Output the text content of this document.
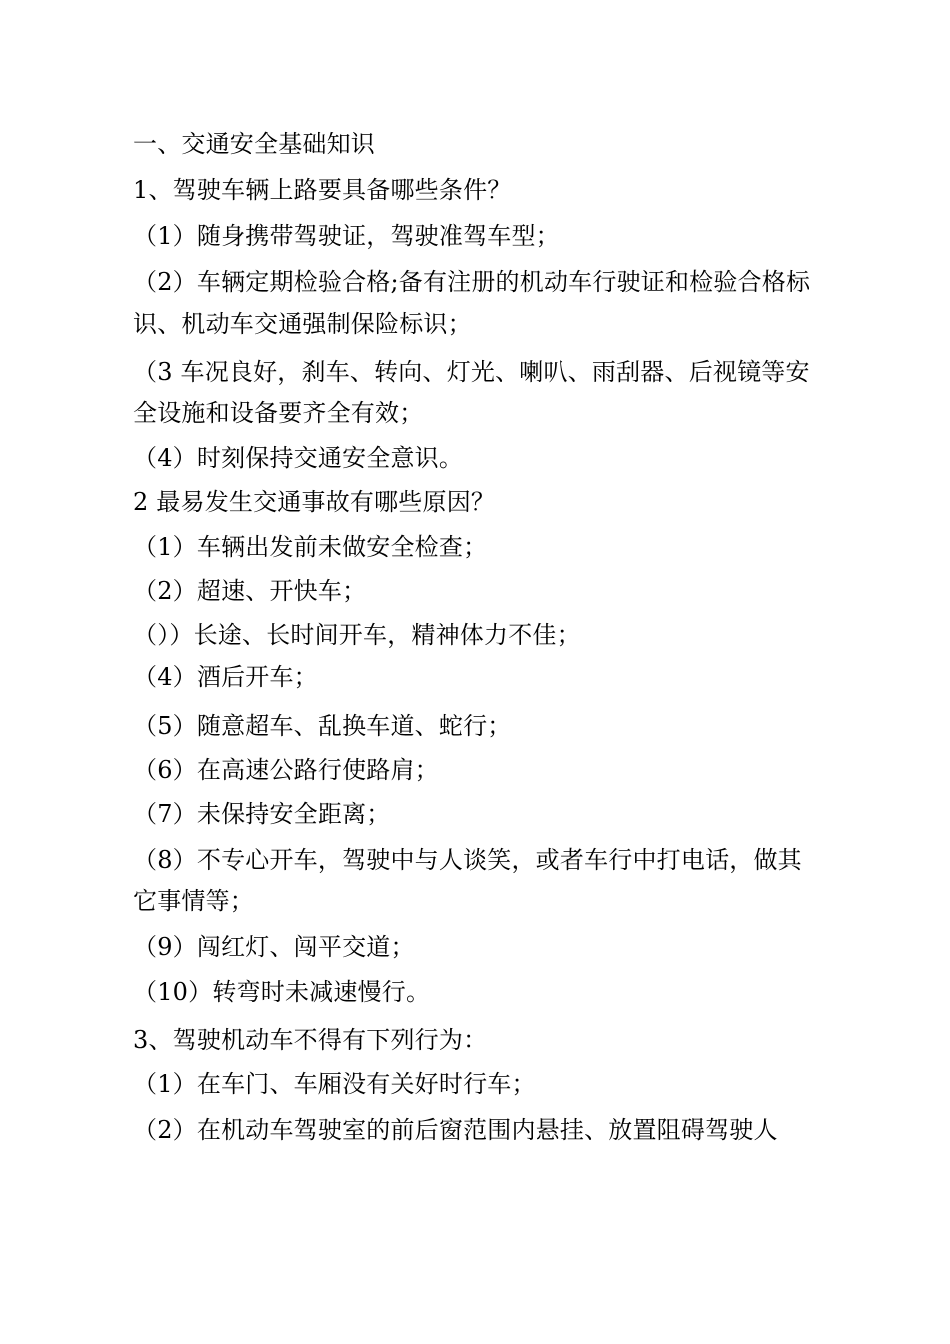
一、交通安全基础知识
1、驾驶车辆上路要具备哪些条件？
（1）随身携带驾驶证，驾驶准驾车型；
（2）车辆定期检验合格;备有注册的机动车行驶证和检验合格标
识、机动车交通强制保险标识；
（3 车况良好，刹车、转向、灯光、喇叭、雨刮器、后视镜等安
全设施和设备要齐全有效；
（4）时刻保持交通安全意识。
2 最易发生交通事故有哪些原因？
（1）车辆出发前未做安全检查；
（2）超速、开快车；
（））长途、长时间开车，精神体力不佳；
（4）酒后开车；
（5）随意超车、乱换车道、蛇行；
（6）在高速公路行使路肩；
（7）未保持安全距离；
（8）不专心开车，驾驶中与人谈笑，或者车行中打电话，做其
它事情等；
（9）闯红灯、闯平交道；
（10）转弯时未减速慢行。
3、驾驶机动车不得有下列行为：
（1）在车门、车厢没有关好时行车；
（2）在机动车驾驶室的前后窗范围内悬挂、放置阻碍驾驶人
